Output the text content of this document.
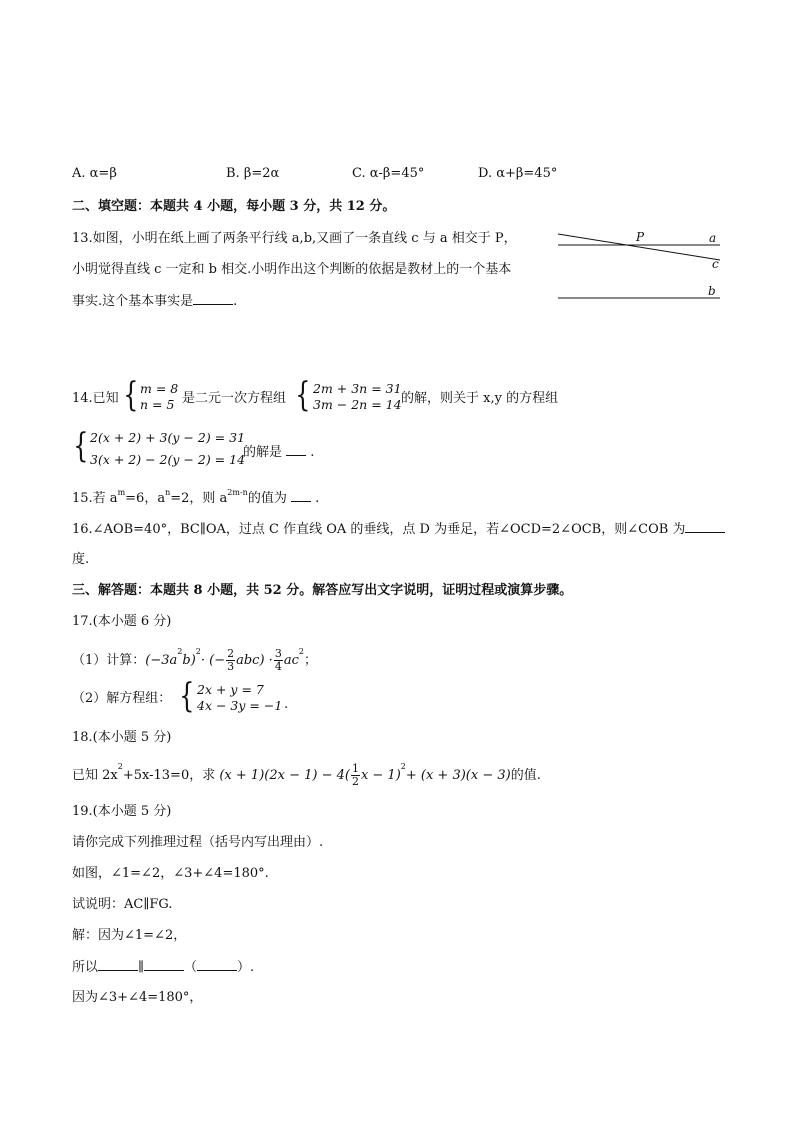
A. α=β	B. β=2α	C. α-β=45°	D. α+β=45°
二、填空题：本题共 4 小题，每小题 3 分，共 12 分。
13.如图，小明在纸上画了两条平行线 a,b,又画了一条直线 c 与 a 相交于 P，
小明觉得直线 c 一定和 b 相交.小明作出这个判断的依据是教材上的一个基本
事实.这个基本事实是	.
P	a
c
b
14.已知 { m = 8
n = 5 是二元一次方程组 { 2m + 3n = 31
3m − 2n = 14 的解，则关于 x,y 的方程组
{ 2(x + 2) + 3(y − 2) = 31
3(x + 2) − 2(y − 2) = 14
的解是 .
15.若 $a^m=6$，$a^n=2$，则 $a^{2m-n}$的值为 .
16.∠AOB=40°，BC∥OA，过点 C 作直线 OA 的垂线，点 D 为垂足，若∠OCD=2∠OCB，则∠COB 为
度.
三、解答题：本题共 8 小题，共 52 分。解答应写出文字说明，证明过程或演算步骤。
17.(本小题 6 分)
（1）计算：$(-3a^2b)^2\cdot$ (− $\frac{2}{3} abc) \cdot \frac{3}{4} ac^2$；
（2）解方程组： { 2x + y = 7
4x − 3y = −1 .
18.(本小题 5 分)
已知 $2x^2+5x-13=0$，求 $(x + 1)(2x - 1) - 4( \frac{1}{2}$ $x - 1)^2+ (x + 3)(x - 3)$的值.
19.(本小题 5 分)
请你完成下列推理过程（括号内写出理由）.
如图，∠1=∠2，∠3+∠4=180°.
试说明：AC∥FG.
解：因为∠1=∠2，
所以	∥	（	）.
因为∠3+∠4=180°，
